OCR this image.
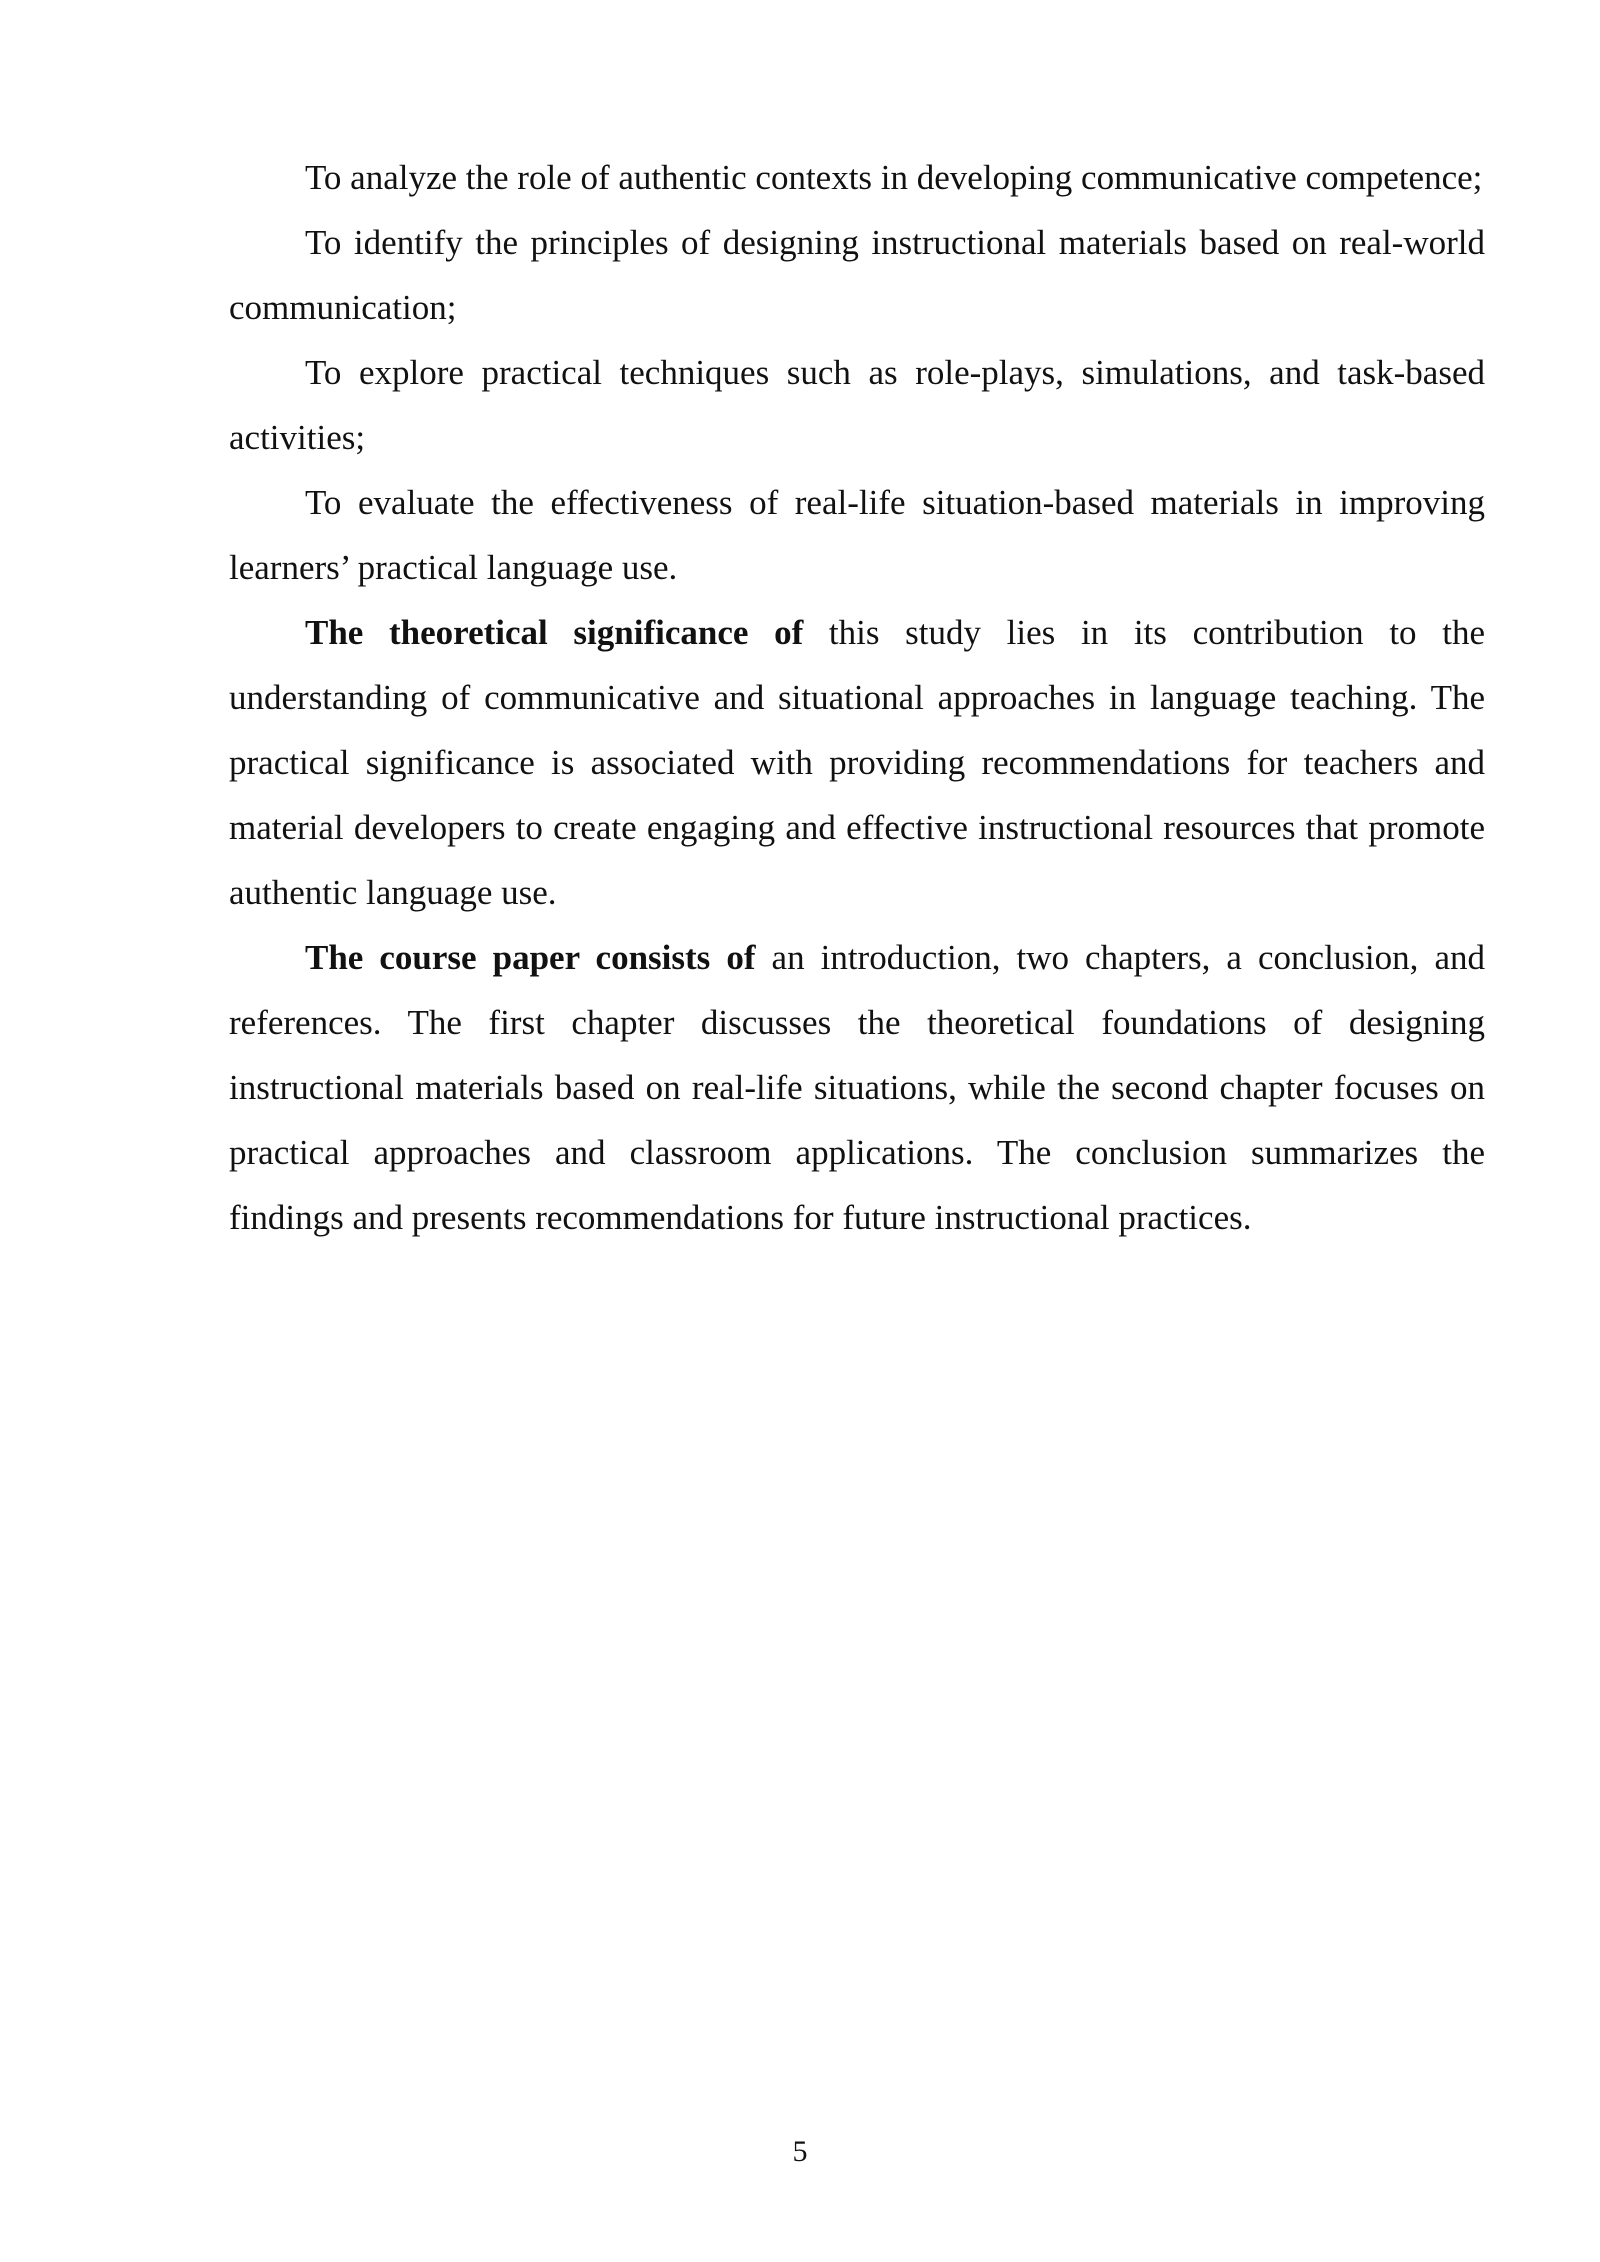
To analyze the role of authentic contexts in developing communicative competence;

To identify the principles of designing instructional materials based on real-world communication;

To explore practical techniques such as role-plays, simulations, and task-based activities;

To evaluate the effectiveness of real-life situation-based materials in improving learners’ practical language use.

The theoretical significance of this study lies in its contribution to the understanding of communicative and situational approaches in language teaching. The practical significance is associated with providing recommendations for teachers and material developers to create engaging and effective instructional resources that promote authentic language use.

The course paper consists of an introduction, two chapters, a conclusion, and references. The first chapter discusses the theoretical foundations of designing instructional materials based on real-life situations, while the second chapter focuses on practical approaches and classroom applications. The conclusion summarizes the findings and presents recommendations for future instructional practices.

5
